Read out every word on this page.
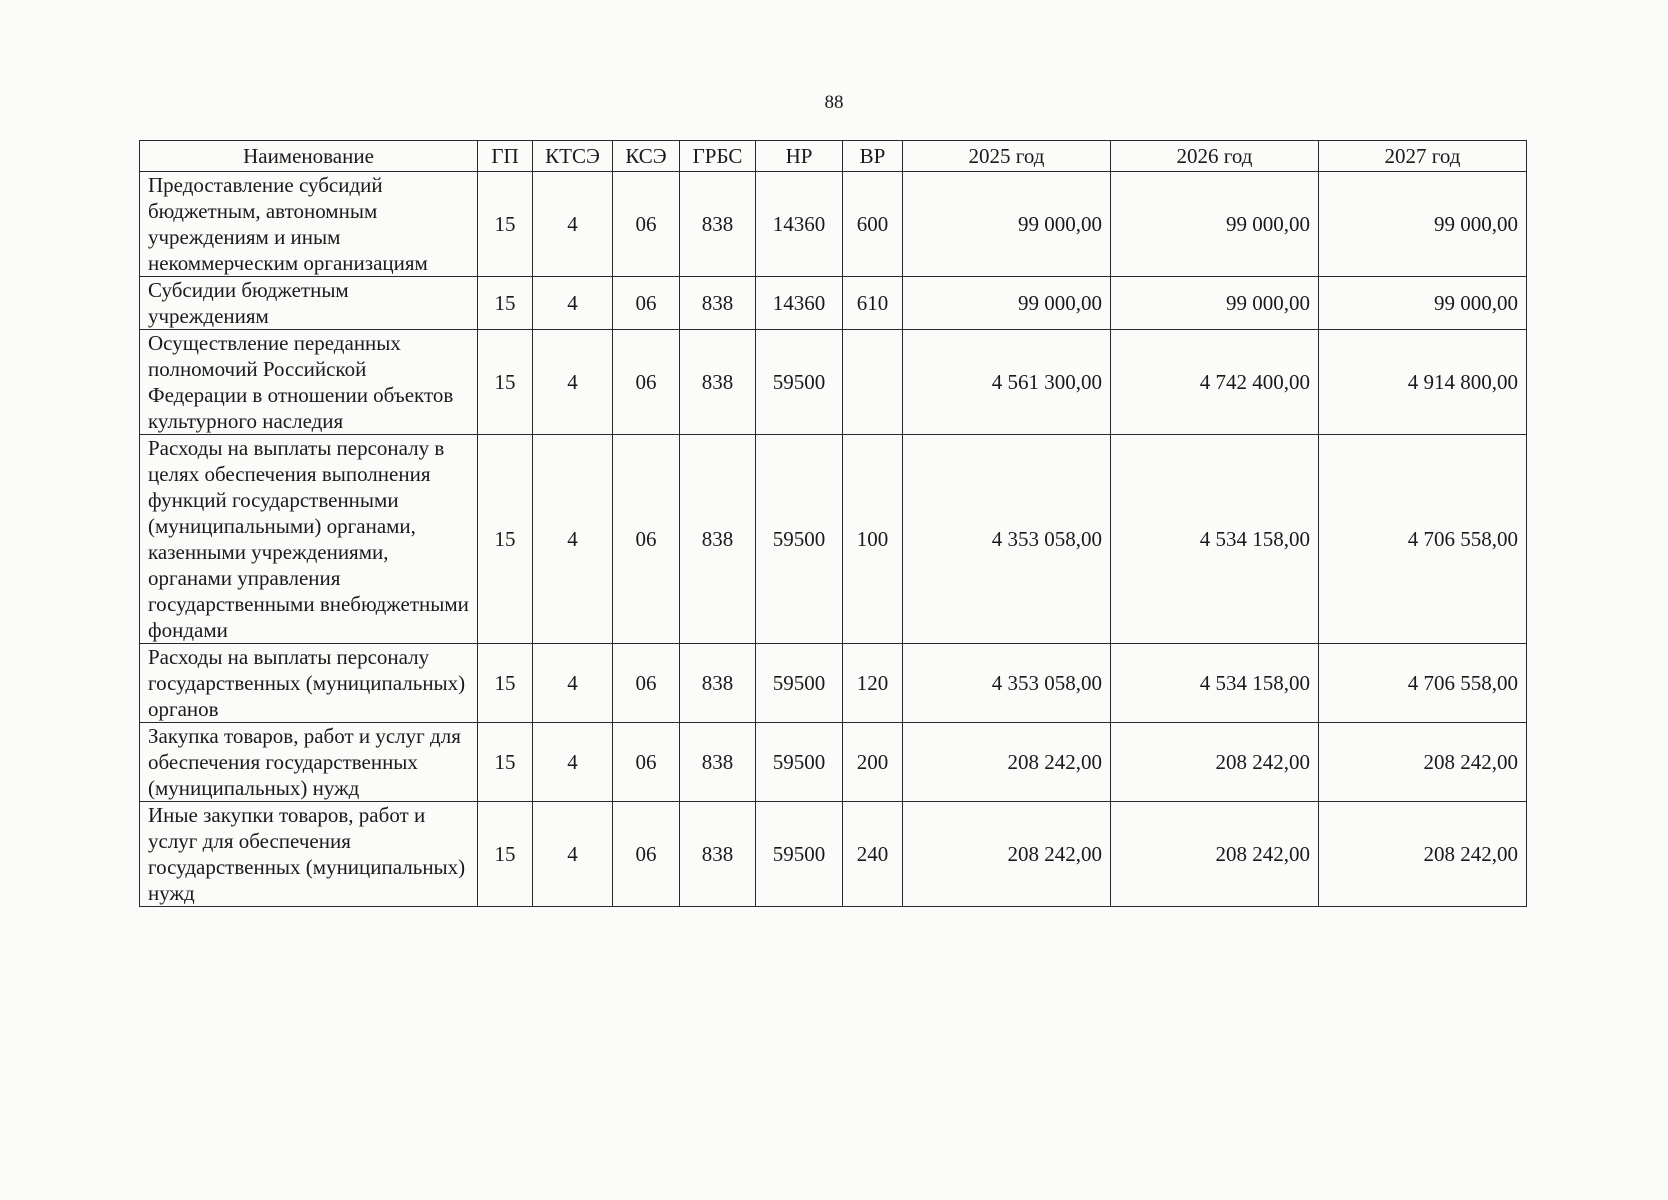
88
Наименование	ГП	КТСЭ	КСЭ	ГРБС	НР	ВР	2025 год	2026 год	2027 год
Предоставление субсидий бюджетным, автономным учреждениям и иным некоммерческим организациям	15	4	06	838	14360	600	99 000,00	99 000,00	99 000,00
Субсидии бюджетным учреждениям	15	4	06	838	14360	610	99 000,00	99 000,00	99 000,00
Осуществление переданных полномочий Российской Федерации в отношении объектов культурного наследия	15	4	06	838	59500		4 561 300,00	4 742 400,00	4 914 800,00
Расходы на выплаты персоналу в целях обеспечения выполнения функций государственными (муниципальными) органами, казенными учреждениями, органами управления государственными внебюджетными фондами	15	4	06	838	59500	100	4 353 058,00	4 534 158,00	4 706 558,00
Расходы на выплаты персоналу государственных (муниципальных) органов	15	4	06	838	59500	120	4 353 058,00	4 534 158,00	4 706 558,00
Закупка товаров, работ и услуг для обеспечения государственных (муниципальных) нужд	15	4	06	838	59500	200	208 242,00	208 242,00	208 242,00
Иные закупки товаров, работ и услуг для обеспечения государственных (муниципальных) нужд	15	4	06	838	59500	240	208 242,00	208 242,00	208 242,00
